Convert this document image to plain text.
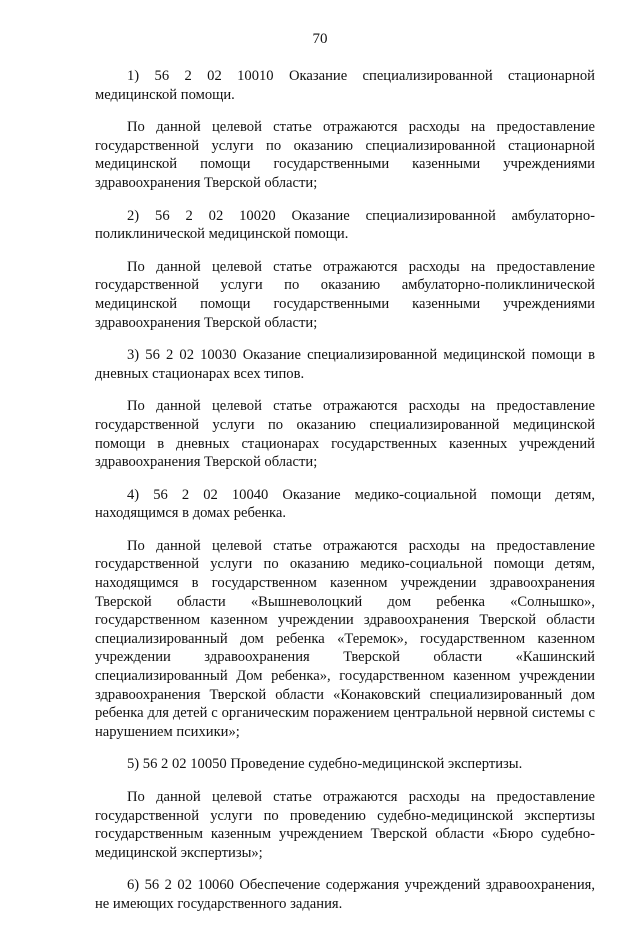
70

1) 56 2 02 10010 Оказание специализированной стационарной медицинской помощи.

По данной целевой статье отражаются расходы на предоставление государственной услуги по оказанию специализированной стационарной медицинской помощи государственными казенными учреждениями здравоохранения Тверской области;

2) 56 2 02 10020 Оказание специализированной амбулаторно-поликлинической медицинской помощи.

По данной целевой статье отражаются расходы на предоставление государственной услуги по оказанию амбулаторно-поликлинической медицинской помощи государственными казенными учреждениями здравоохранения Тверской области;

3) 56 2 02 10030 Оказание специализированной медицинской помощи в дневных стационарах всех типов.

По данной целевой статье отражаются расходы на предоставление государственной услуги по оказанию специализированной медицинской помощи в дневных стационарах государственных казенных учреждений здравоохранения Тверской области;

4) 56 2 02 10040 Оказание медико-социальной помощи детям, находящимся в домах ребенка.

По данной целевой статье отражаются расходы на предоставление государственной услуги по оказанию медико-социальной помощи детям, находящимся в государственном казенном учреждении здравоохранения Тверской области «Вышневолоцкий дом ребенка «Солнышко», государственном казенном учреждении здравоохранения Тверской области специализированный дом ребенка «Теремок», государственном казенном учреждении здравоохранения Тверской области «Кашинский специализированный Дом ребенка», государственном казенном учреждении здравоохранения Тверской области «Конаковский специализированный дом ребенка для детей с органическим поражением центральной нервной системы с нарушением психики»;

5) 56 2 02 10050 Проведение судебно-медицинской экспертизы.

По данной целевой статье отражаются расходы на предоставление государственной услуги по проведению судебно-медицинской экспертизы государственным казенным учреждением Тверской области «Бюро судебно-медицинской экспертизы»;

6) 56 2 02 10060 Обеспечение содержания учреждений здравоохранения, не имеющих государственного задания.
